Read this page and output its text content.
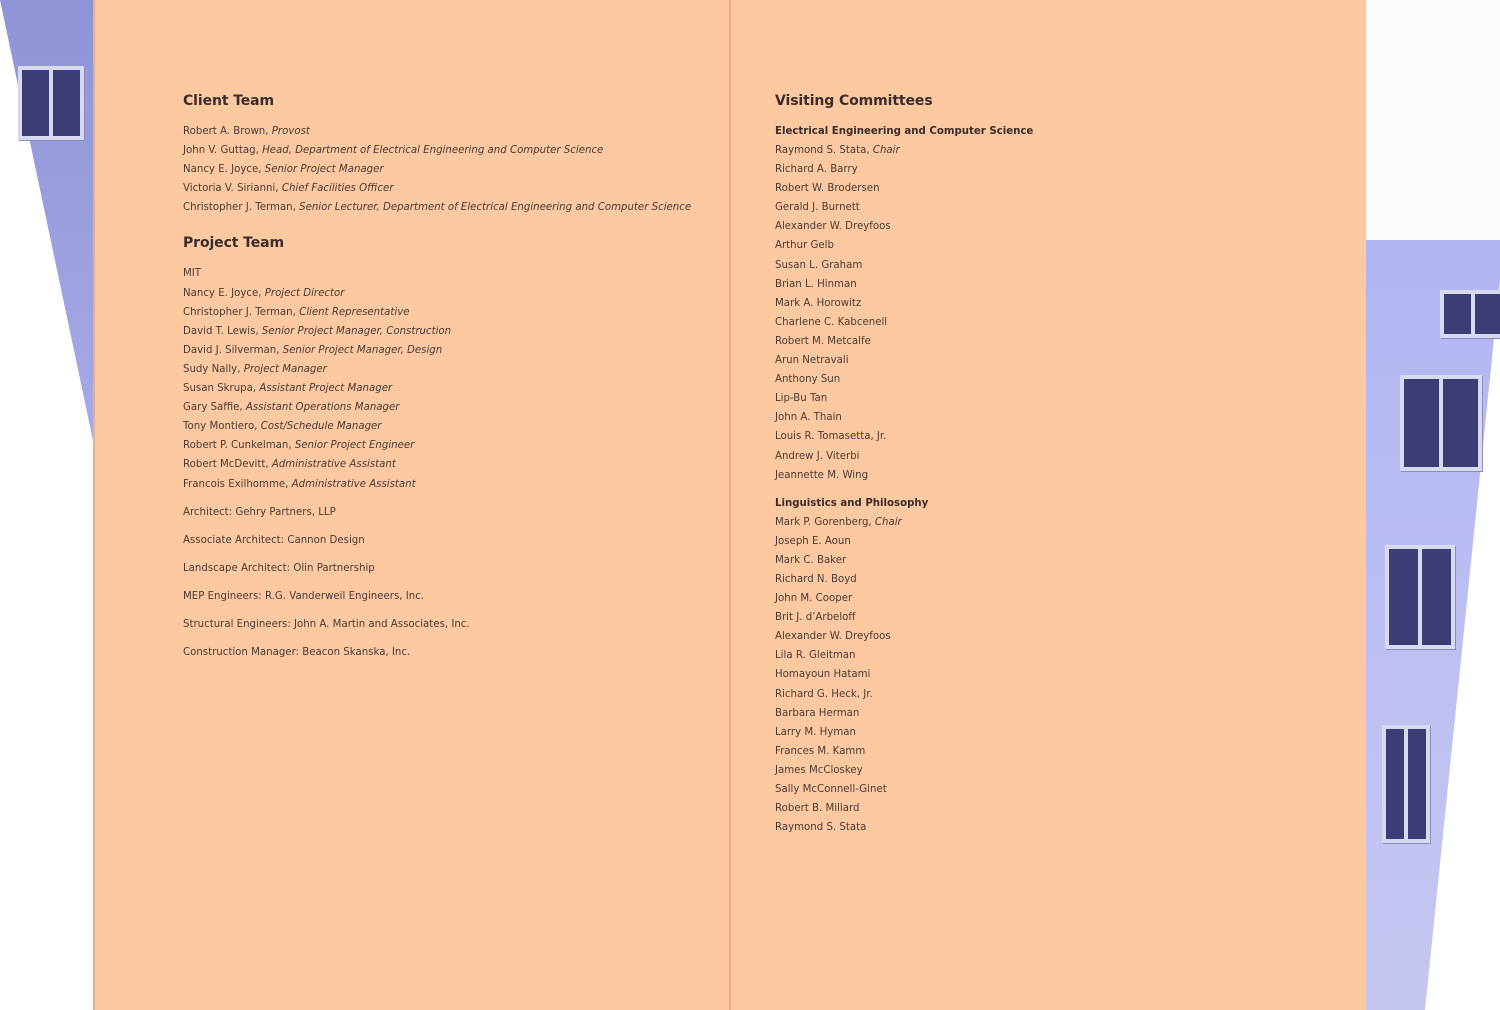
Client Team
Robert A. Brown, Provost
John V. Guttag, Head, Department of Electrical Engineering and Computer Science
Nancy E. Joyce, Senior Project Manager
Victoria V. Sirianni, Chief Facilities Officer
Christopher J. Terman, Senior Lecturer, Department of Electrical Engineering and Computer Science
Project Team
MIT
Nancy E. Joyce, Project Director
Christopher J. Terman, Client Representative
David T. Lewis, Senior Project Manager, Construction
David J. Silverman, Senior Project Manager, Design
Sudy Nally, Project Manager
Susan Skrupa, Assistant Project Manager
Gary Saffie, Assistant Operations Manager
Tony Montiero, Cost/Schedule Manager
Robert P. Cunkelman, Senior Project Engineer
Robert McDevitt, Administrative Assistant
Francois Exilhomme, Administrative Assistant
Architect: Gehry Partners, LLP
Associate Architect: Cannon Design
Landscape Architect: Olin Partnership
MEP Engineers: R.G. Vanderweil Engineers, Inc.
Structural Engineers: John A. Martin and Associates, Inc.
Construction Manager: Beacon Skanska, Inc.
Visiting Committees
Electrical Engineering and Computer Science
Raymond S. Stata, Chair
Richard A. Barry
Robert W. Brodersen
Gerald J. Burnett
Alexander W. Dreyfoos
Arthur Gelb
Susan L. Graham
Brian L. Hinman
Mark A. Horowitz
Charlene C. Kabcenell
Robert M. Metcalfe
Arun Netravali
Anthony Sun
Lip-Bu Tan
John A. Thain
Louis R. Tomasetta, Jr.
Andrew J. Viterbi
Jeannette M. Wing
Linguistics and Philosophy
Mark P. Gorenberg, Chair
Joseph E. Aoun
Mark C. Baker
Richard N. Boyd
John M. Cooper
Brit J. d’Arbeloff
Alexander W. Dreyfoos
Lila R. Gleitman
Homayoun Hatami
Richard G. Heck, Jr.
Barbara Herman
Larry M. Hyman
Frances M. Kamm
James McCloskey
Sally McConnell-Ginet
Robert B. Millard
Raymond S. Stata
